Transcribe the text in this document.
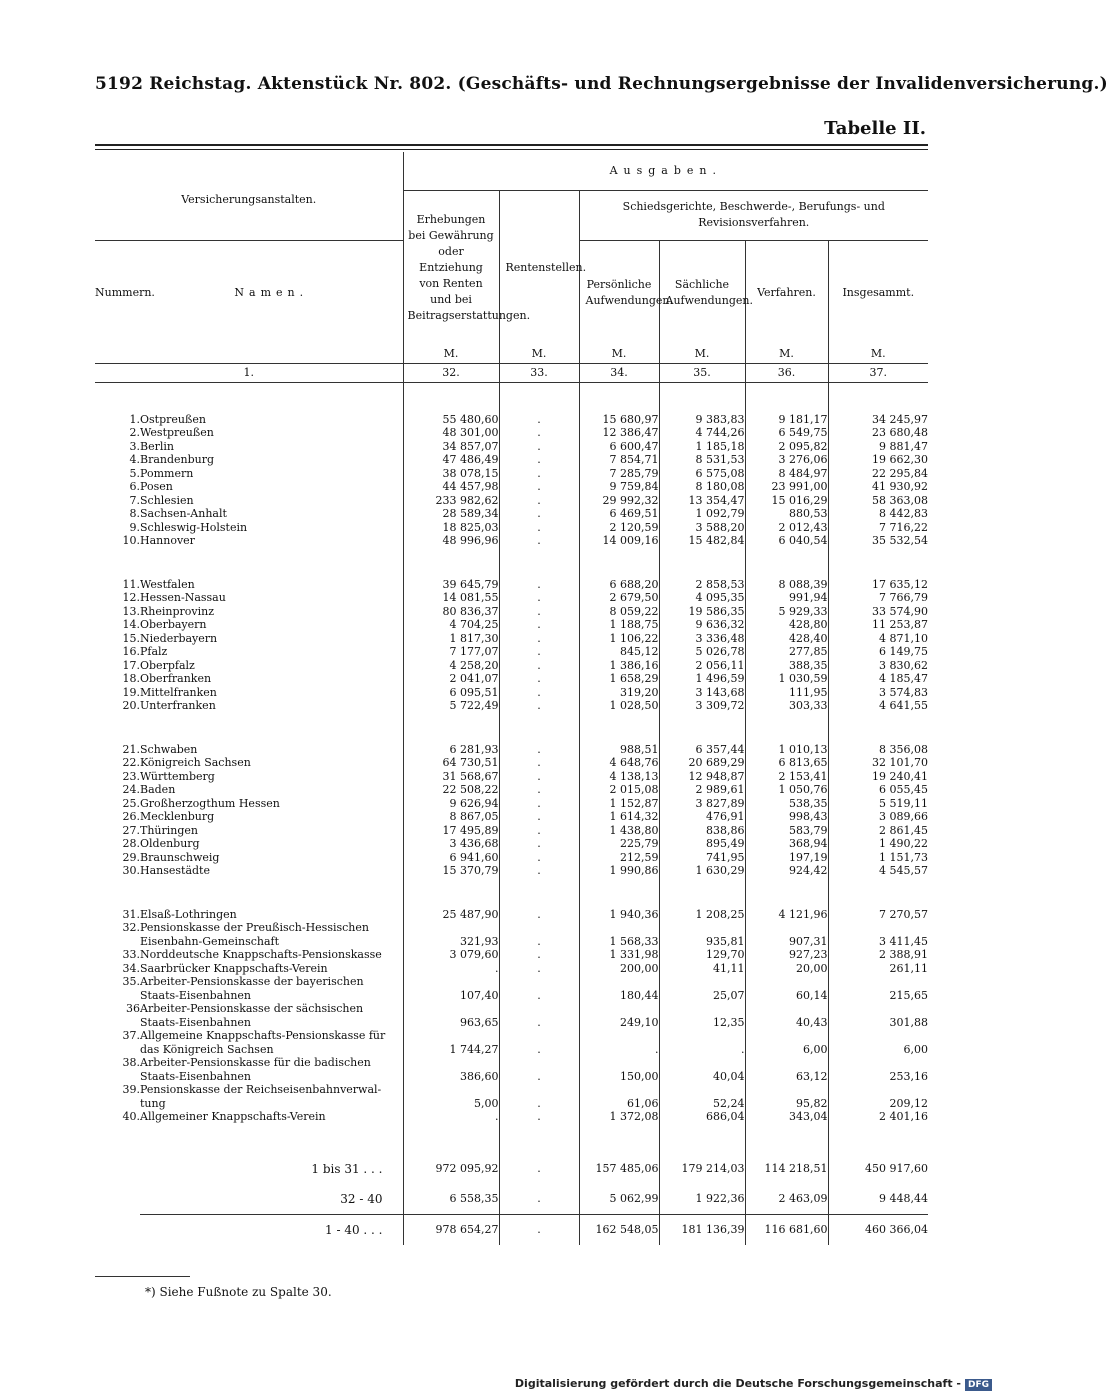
5192 Reichstag. Aktenstück Nr. 802. (Geschäfts- und Rechnungsergebnisse der Invalidenversicherung.)
Tabelle II.
Versicherungsanstalten.		Ausgaben.					
		Erhebungen bei Gewährung oder Entziehung von Renten und bei Beitragserstattungen.	Rentenstellen.	Schiedsgerichte, Beschwerde-, Berufungs- und Revisionsverfahren.			
Nummern.	Namen.			Persönliche Aufwendungen.	Sächliche Aufwendungen.	Verfahren.	Insgesammt.
		M.	M.	M.	M.	M.	M.
1.		32.	33.	34.	35.	36.	37.

1.	Ostpreußen	55 480,60	.	15 680,97	9 383,83	9 181,17	34 245,97
2.	Westpreußen	48 301,00	.	12 386,47	4 744,26	6 549,75	23 680,48
3.	Berlin	34 857,07	.	6 600,47	1 185,18	2 095,82	9 881,47
4.	Brandenburg	47 486,49	.	7 854,71	8 531,53	3 276,06	19 662,30
5.	Pommern	38 078,15	.	7 285,79	6 575,08	8 484,97	22 295,84
6.	Posen	44 457,98	.	9 759,84	8 180,08	23 991,00	41 930,92
7.	Schlesien	233 982,62	.	29 992,32	13 354,47	15 016,29	58 363,08
8.	Sachsen-Anhalt	28 589,34	.	6 469,51	1 092,79	880,53	8 442,83
9.	Schleswig-Holstein	18 825,03	.	2 120,59	3 588,20	2 012,43	7 716,22
10.	Hannover	48 996,96	.	14 009,16	15 482,84	6 040,54	35 532,54

11.	Westfalen	39 645,79	.	6 688,20	2 858,53	8 088,39	17 635,12
12.	Hessen-Nassau	14 081,55	.	2 679,50	4 095,35	991,94	7 766,79
13.	Rheinprovinz	80 836,37	.	8 059,22	19 586,35	5 929,33	33 574,90
14.	Oberbayern	4 704,25	.	1 188,75	9 636,32	428,80	11 253,87
15.	Niederbayern	1 817,30	.	1 106,22	3 336,48	428,40	4 871,10
16.	Pfalz	7 177,07	.	845,12	5 026,78	277,85	6 149,75
17.	Oberpfalz	4 258,20	.	1 386,16	2 056,11	388,35	3 830,62
18.	Oberfranken	2 041,07	.	1 658,29	1 496,59	1 030,59	4 185,47
19.	Mittelfranken	6 095,51	.	319,20	3 143,68	111,95	3 574,83
20.	Unterfranken	5 722,49	.	1 028,50	3 309,72	303,33	4 641,55

21.	Schwaben	6 281,93	.	988,51	6 357,44	1 010,13	8 356,08
22.	Königreich Sachsen	64 730,51	.	4 648,76	20 689,29	6 813,65	32 101,70
23.	Württemberg	31 568,67	.	4 138,13	12 948,87	2 153,41	19 240,41
24.	Baden	22 508,22	.	2 015,08	2 989,61	1 050,76	6 055,45
25.	Großherzogthum Hessen	9 626,94	.	1 152,87	3 827,89	538,35	5 519,11
26.	Mecklenburg	8 867,05	.	1 614,32	476,91	998,43	3 089,66
27.	Thüringen	17 495,89	.	1 438,80	838,86	583,79	2 861,45
28.	Oldenburg	3 436,68	.	225,79	895,49	368,94	1 490,22
29.	Braunschweig	6 941,60	.	212,59	741,95	197,19	1 151,73
30.	Hansestädte	15 370,79	.	1 990,86	1 630,29	924,42	4 545,57

31.	Elsaß-Lothringen	25 487,90	.	1 940,36	1 208,25	4 121,96	7 270,57
32.	Pensionskasse der Preußisch-Hessischen						
	Eisenbahn-Gemeinschaft	321,93	.	1 568,33	935,81	907,31	3 411,45
33.	Norddeutsche Knappschafts-Pensionskasse	3 079,60	.	1 331,98	129,70	927,23	2 388,91
34.	Saarbrücker Knappschafts-Verein	.	.	200,00	41,11	20,00	261,11
35.	Arbeiter-Pensionskasse der bayerischen						
	Staats-Eisenbahnen	107,40	.	180,44	25,07	60,14	215,65
36	Arbeiter-Pensionskasse der sächsischen						
	Staats-Eisenbahnen	963,65	.	249,10	12,35	40,43	301,88
37.	Allgemeine Knappschafts-Pensionskasse für						
	das Königreich Sachsen	1 744,27	.	.	.	6,00	6,00
38.	Arbeiter-Pensionskasse für die badischen						
	Staats-Eisenbahnen	386,60	.	150,00	40,04	63,12	253,16
39.	Pensionskasse der Reichseisenbahnverwal-						
	tung	5,00	.	61,06	52,24	95,82	209,12
40.	Allgemeiner Knappschafts-Verein	.	.	1 372,08	686,04	343,04	2 401,16

	1 bis 31 . . .	972 095,92	.	157 485,06	179 214,03	114 218,51	450 917,60
	32 - 40	6 558,35	.	5 062,99	1 922,36	2 463,09	9 448,44
	1 - 40 . . .	978 654,27	.	162 548,05	181 136,39	116 681,60	460 366,04
*) Siehe Fußnote zu Spalte 30.
Digitalisierung gefördert durch die Deutsche Forschungsgemeinschaft - DFG
